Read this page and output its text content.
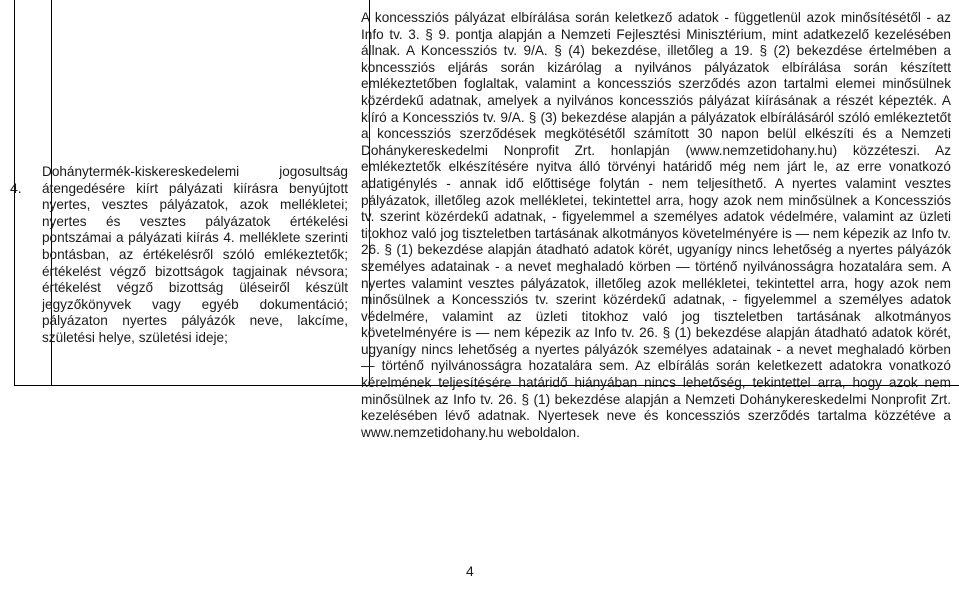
4.
Dohánytermék-kiskereskedelemi jogosultság átengedésére kiírt pályázati kiírásra benyújtott nyertes, vesztes pályázatok, azok mellékletei; nyertes és vesztes pályázatok értékelési pontszámai a pályázati kiírás 4. melléklete szerinti bontásban, az értékelésről szóló emlékeztetők; értékelést végző bizottságok tagjainak névsora; értékelést végző bizottság üléseiről készült jegyzőkönyvek vagy egyéb dokumentáció; pályázaton nyertes pályázók neve, lakcíme, születési helye, születési ideje;
A koncessziós pályázat elbírálása során keletkező adatok - függetlenül azok minősítésétől - az Info tv. 3. § 9. pontja alapján a Nemzeti Fejlesztési Minisztérium, mint adatkezelő kezelésében állnak. A Koncessziós tv. 9/A. § (4) bekezdése, illetőleg a 19. § (2) bekezdése értelmében a koncessziós eljárás során kizárólag a nyilvános pályázatok elbírálása során készített emlékeztetőben foglaltak, valamint a koncessziós szerződés azon tartalmi elemei minősülnek közérdekű adatnak, amelyek a nyilvános koncessziós pályázat kiírásának a részét képezték. A kiíró a Koncessziós tv. 9/A. § (3) bekezdése alapján a pályázatok elbírálásáról szóló emlékeztetőt a koncessziós szerződések megkötésétől számított 30 napon belül elkészíti és a Nemzeti Dohánykereskedelmi Nonprofit Zrt. honlapján (www.nemzetidohany.hu) közzéteszi. Az emlékeztetők elkészítésére nyitva álló törvényi határidő még nem járt le, az erre vonatkozó adatigénylés - annak idő előttisége folytán - nem teljesíthető. A nyertes valamint vesztes pályázatok, illetőleg azok mellékletei, tekintettel arra, hogy azok nem minősülnek a Koncessziós tv. szerint közérdekű adatnak, - figyelemmel a személyes adatok védelmére, valamint az üzleti titokhoz való jog tiszteletben tartásának alkotmányos követelményére is — nem képezik az Info tv. 26. § (1) bekezdése alapján átadható adatok körét, ugyanígy nincs lehetőség a nyertes pályázók személyes adatainak - a nevet meghaladó körben — történő nyilvánosságra hozatalára sem. A nyertes valamint vesztes pályázatok, illetőleg azok mellékletei, tekintettel arra, hogy azok nem minősülnek a Koncessziós tv. szerint közérdekű adatnak, - figyelemmel a személyes adatok védelmére, valamint az üzleti titokhoz való jog tiszteletben tartásának alkotmányos követelményére is — nem képezik az Info tv. 26. § (1) bekezdése alapján átadható adatok körét, ugyanígy nincs lehetőség a nyertes pályázók személyes adatainak - a nevet meghaladó körben — történő nyilvánosságra hozatalára sem. Az elbírálás során keletkezett adatokra vonatkozó kérelmének teljesítésére határidő hiányában nincs lehetőség, tekintettel arra, hogy azok nem minősülnek az Info tv. 26. § (1) bekezdése alapján a Nemzeti Dohánykereskedelmi Nonprofit Zrt. kezelésében lévő adatnak. Nyertesek neve és koncessziós szerződés tartalma közzétéve a www.nemzetidohany.hu weboldalon.
4
